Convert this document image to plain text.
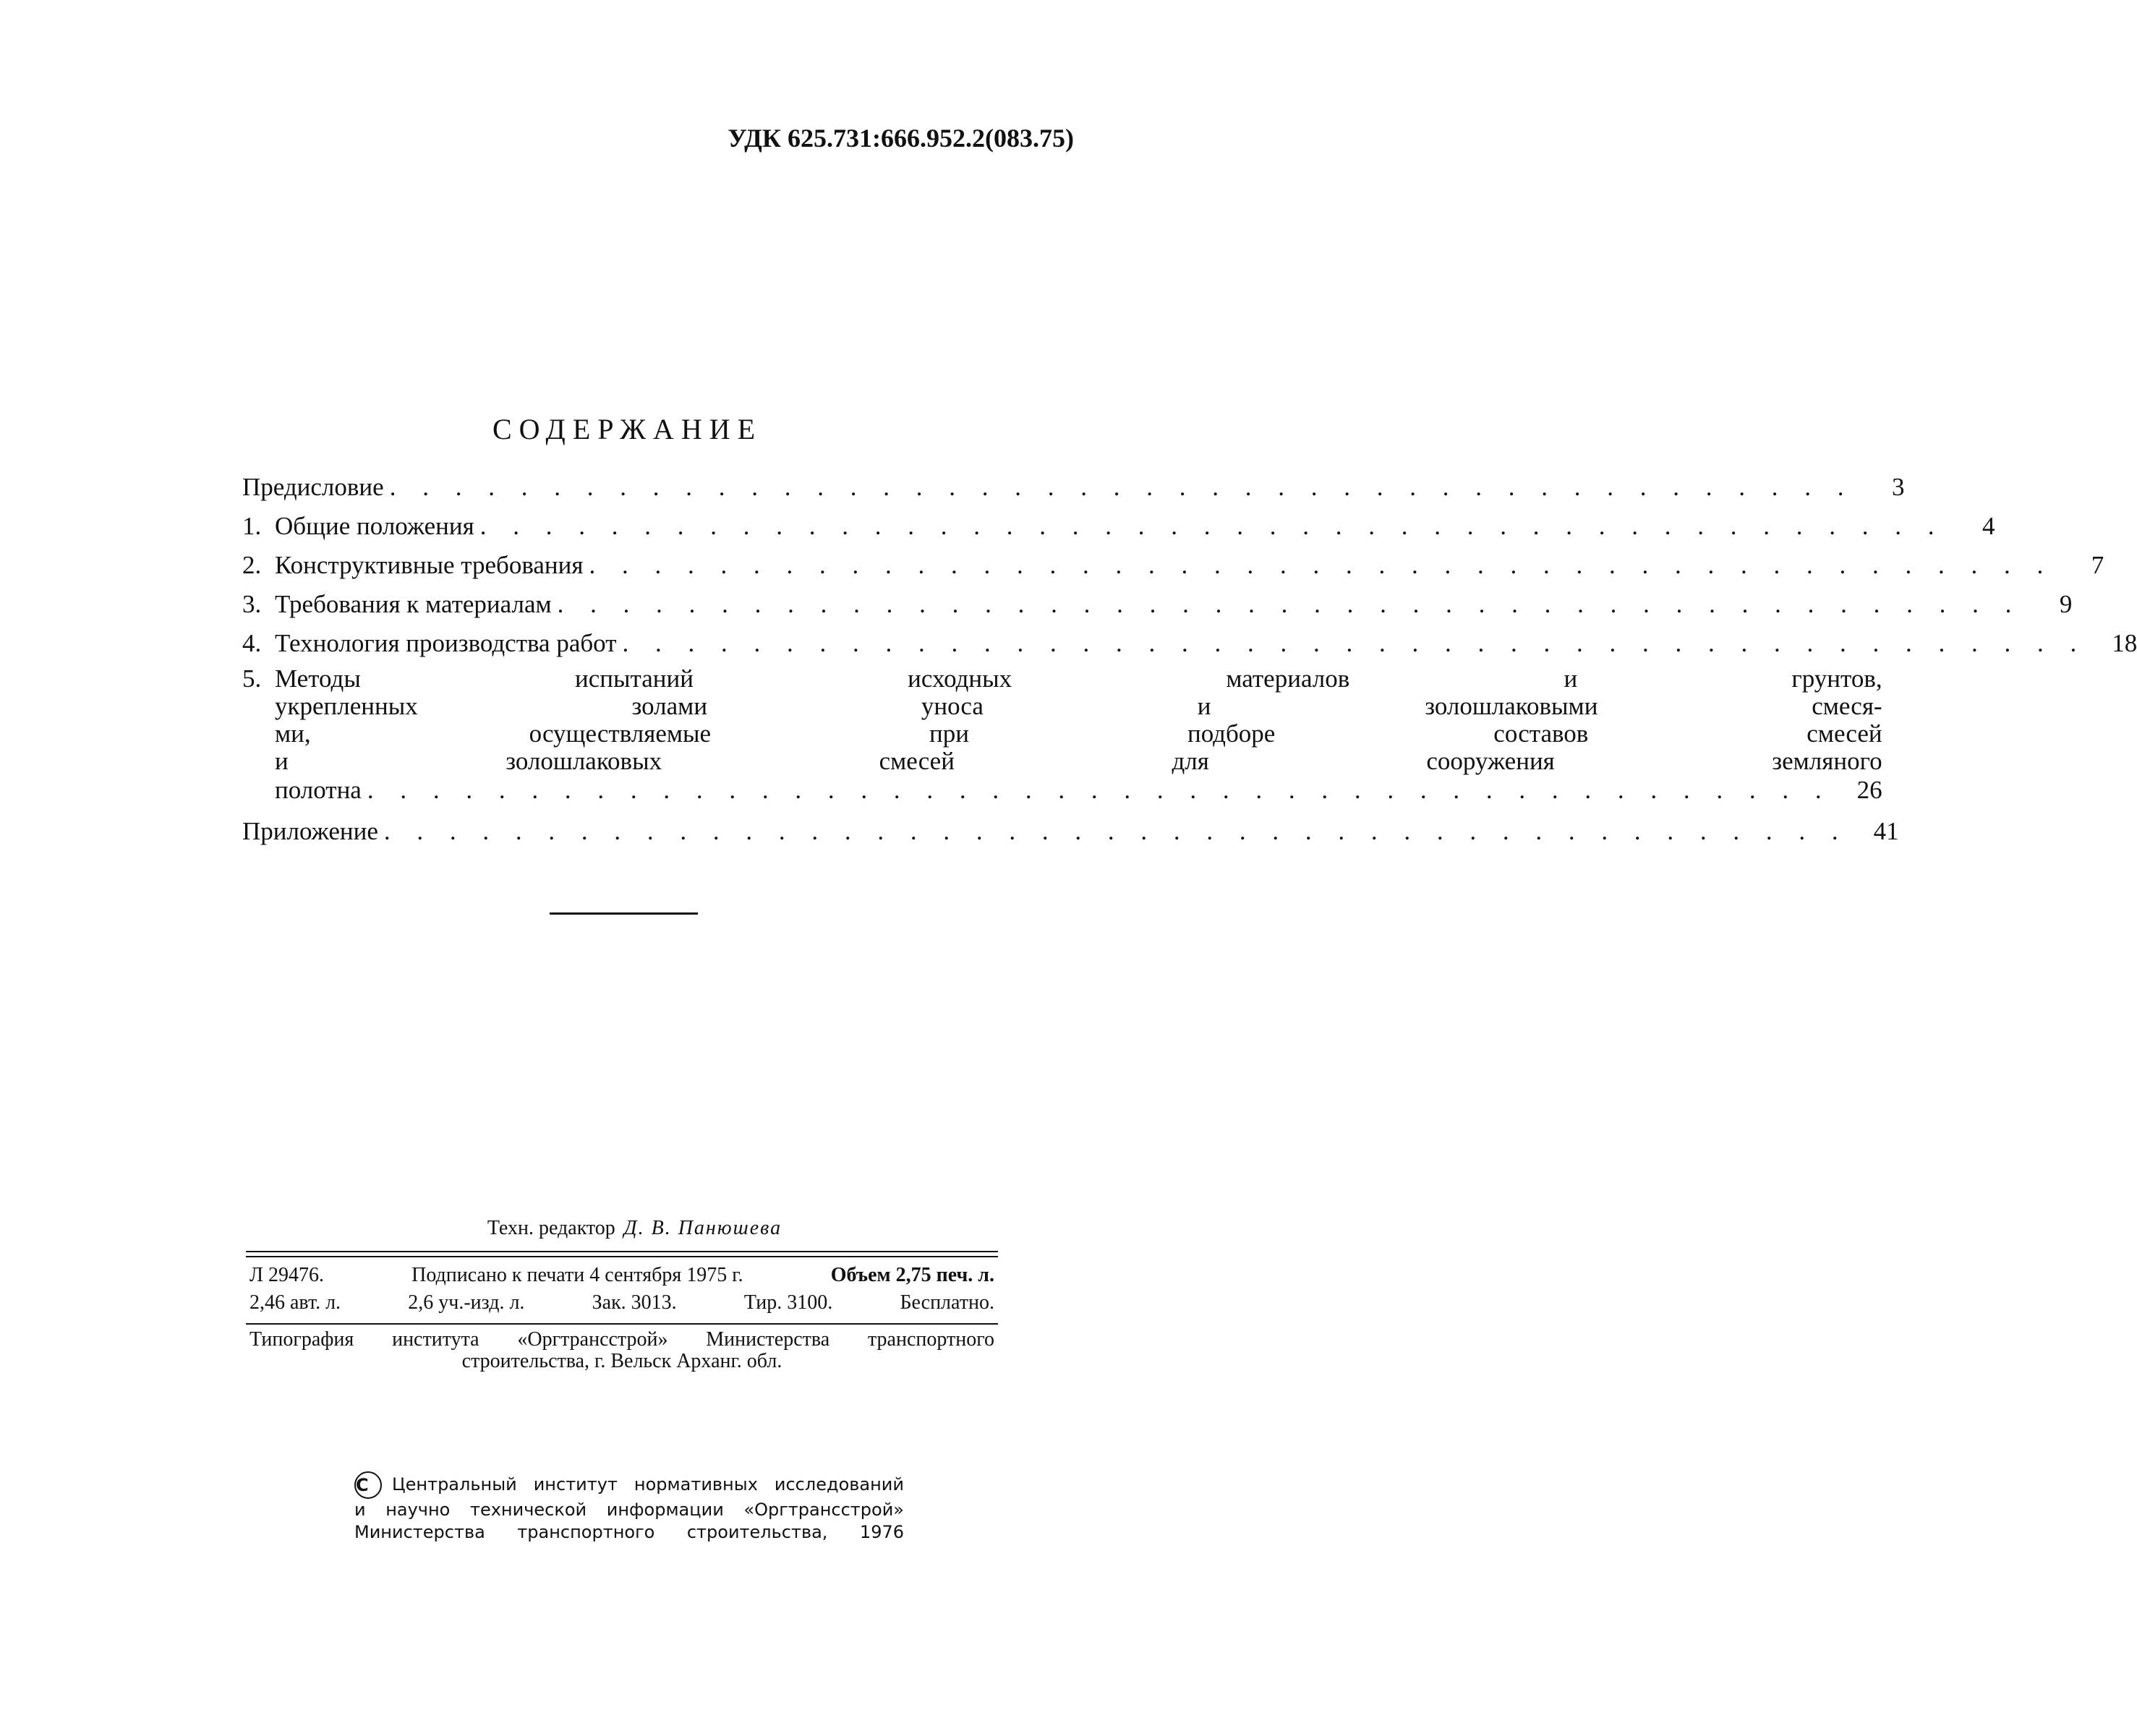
УДК 625.731:666.952.2(083.75)
СОДЕРЖАНИЕ
Предисловие . . .	3
1. Общие положения . . .	4
2. Конструктивные требования . . .	7
3. Требования к материалам . . .	9
4. Технология производства работ . . .	18
5. Методы испытаний исходных материалов и грунтов,
укрепленных золами уноса и золошлаковыми смеся-
ми, осуществляемые при подборе составов смесей
и золошлаковых смесей для сооружения земляного
полотна . . .	26
Приложение . . .	41
Техн. редактор Д. В. Панюшева
Л 29476.	Подписано к печати 4 сентября 1975 г.	Объем 2,75 печ. л.
2,46 авт. л.	2,6 уч.-изд. л.	Зак. 3013.	Тир. 3100.	Бесплатно.
Типография института «Оргтрансстрой» Министерства транспортного
строительства, г. Вельск Арханг. обл.
C Центральный институт нормативных исследований
и научно технической информации «Оргтрансстрой»
Министерства транспортного строительства, 1976
